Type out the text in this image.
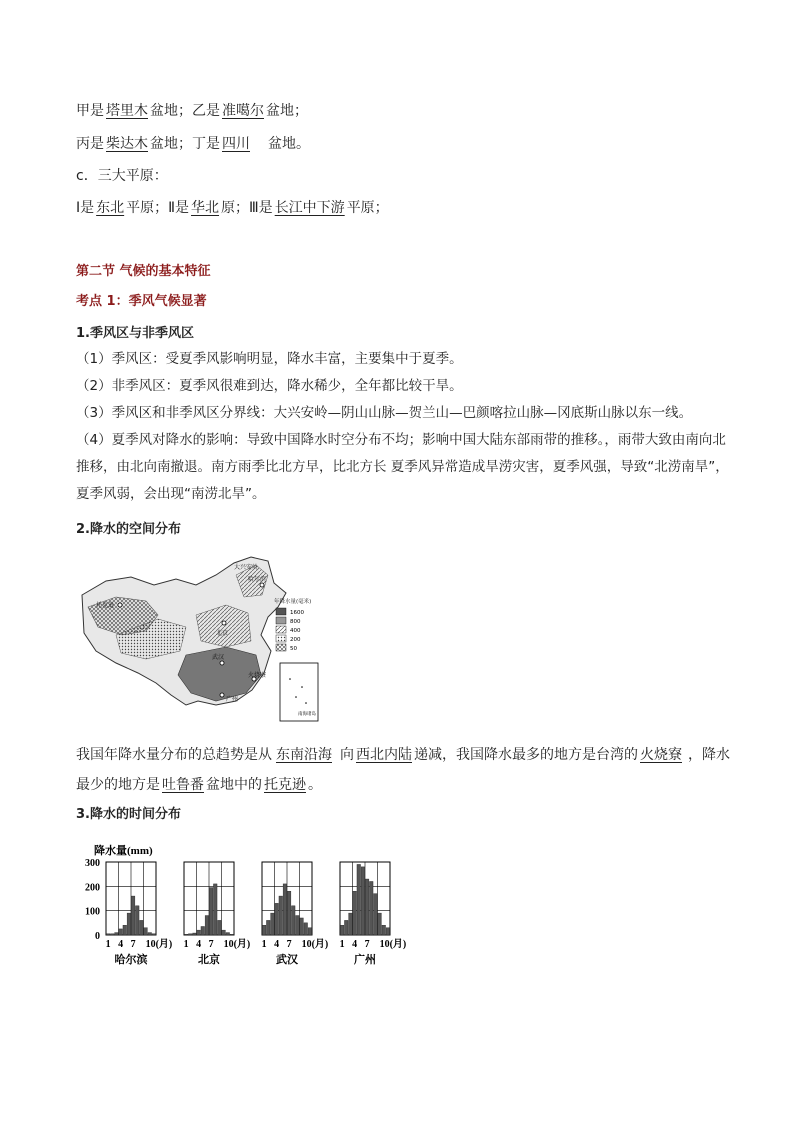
甲是 塔里木 盆地；乙是 准噶尔 盆地；
丙是 柴达木 盆地；丁是 四川 盆地。
c．三大平原：
Ⅰ是 东北 平原；Ⅱ是 华北 原；Ⅲ是 长江中下游 平原；
第二节 气候的基本特征
考点 1：季风气候显著
1.季风区与非季风区

（1）季风区：受夏季风影响明显，降水丰富，主要集中于夏季。

（2）非季风区：夏季风很难到达，降水稀少，全年都比较干旱。

（3）季风区和非季风区分界线：大兴安岭—阴山山脉—贺兰山—巴颜喀拉山脉—冈底斯山脉以东一线。

（4）夏季风对降水的影响：导致中国降水时空分布不均；影响中国大陆东部雨带的推移。，雨带大致由南向北推移，由北向南撤退。南方雨季比北方早，比北方长 夏季风异常造成旱涝灾害，夏季风强，导致“北涝南旱”，夏季风弱，会出现“南涝北旱”。

2.降水的空间分布
大兴安岭
哈尔滨
托克逊
北京
武汉
火烧寮
广州
年降水量(毫米)
1600
800
400
200
50
南海诸岛
我国年降水量分布的总趋势是从 东南沿海 向 西北内陆 递减，我国降水最多的地方是台湾的 火烧寮 ，降水最少的地方是 吐鲁番 盆地中的 托克逊 。
3.降水的时间分布
降水量(mm)
300
200
100
0
1 4 7 10(月)
哈尔滨
1 4 7 10(月)
北京
1 4 7 10(月)
武汉
1 4 7 10(月)
广州
